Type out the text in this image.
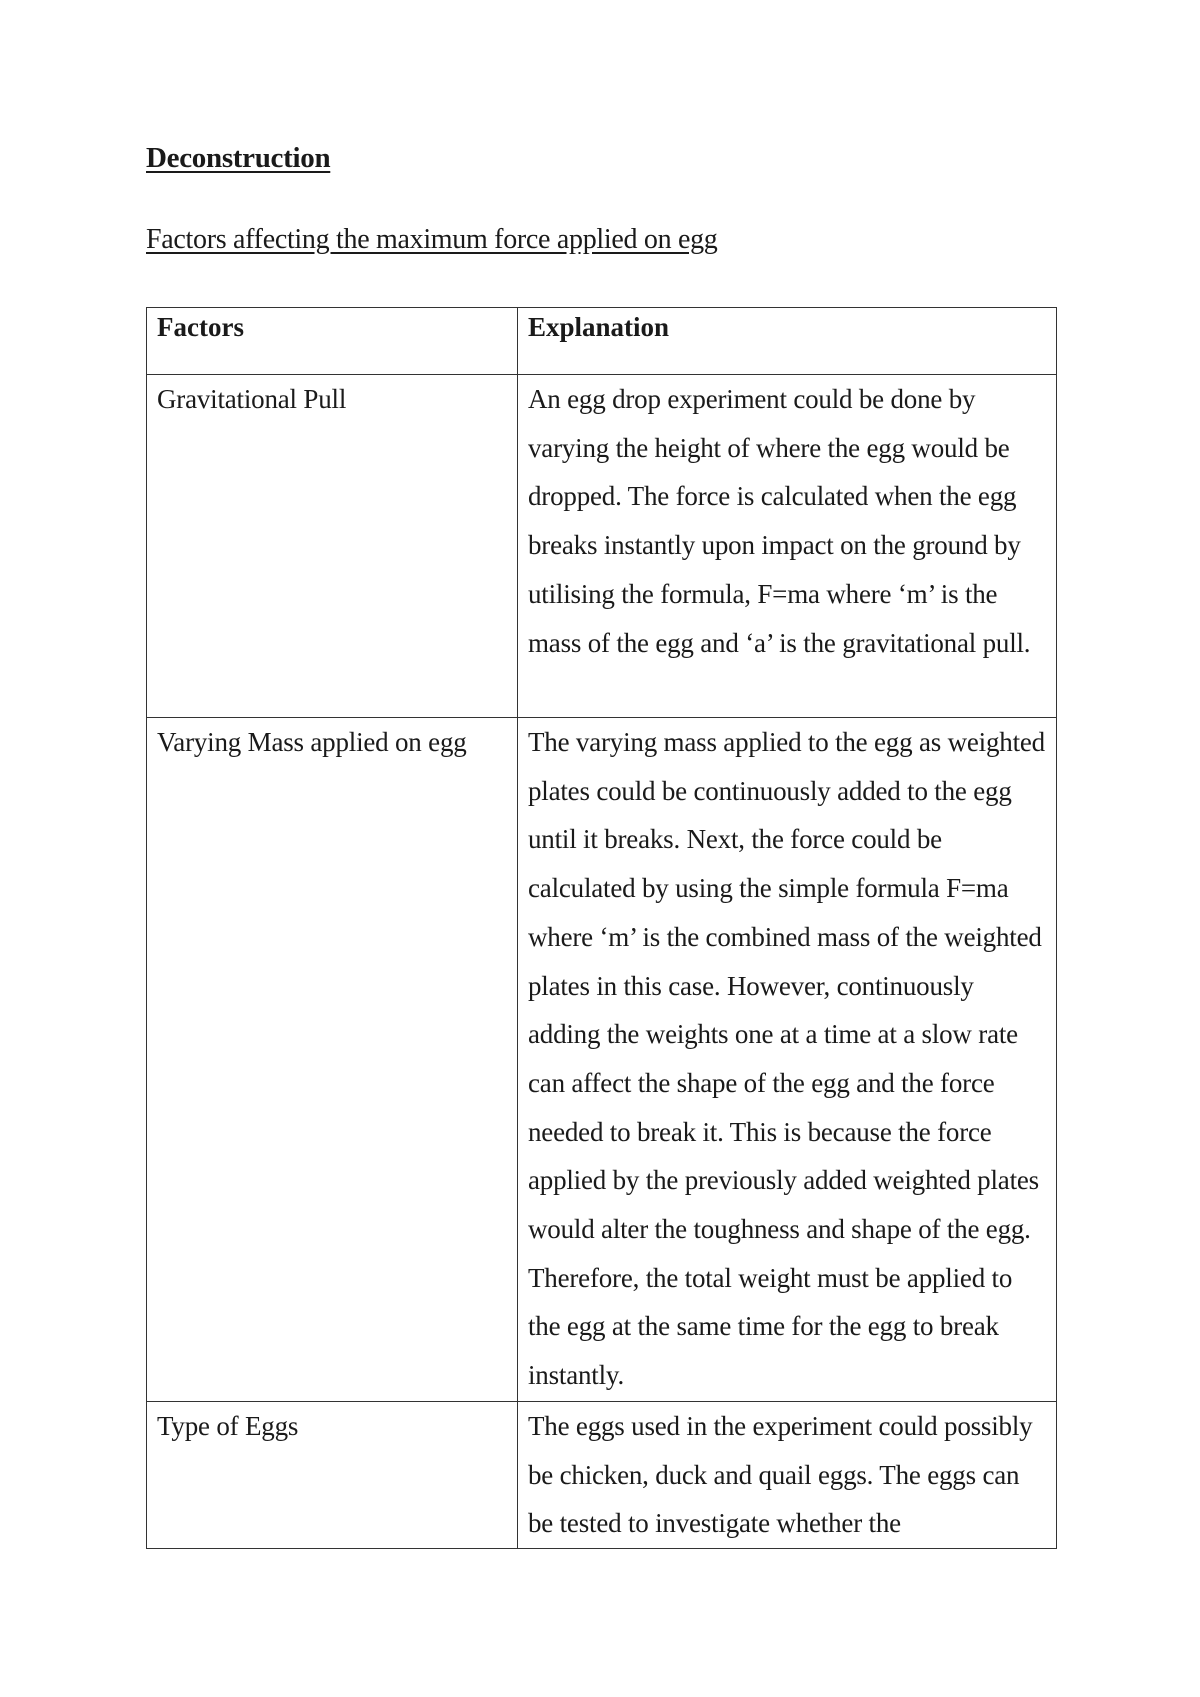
Deconstruction
Factors affecting the maximum force applied on egg
Factors	Explanation

Gravitational Pull	An egg drop experiment could be done by varying the height of where the egg would be dropped. The force is calculated when the egg breaks instantly upon impact on the ground by utilising the formula, F=ma where ‘m’ is the mass of the egg and ‘a’ is the gravitational pull.
Varying Mass applied on egg	The varying mass applied to the egg as weighted plates could be continuously added to the egg until it breaks. Next, the force could be calculated by using the simple formula F=ma where ‘m’ is the combined mass of the weighted plates in this case. However, continuously adding the weights one at a time at a slow rate can affect the shape of the egg and the force needed to break it. This is because the force applied by the previously added weighted plates would alter the toughness and shape of the egg. Therefore, the total weight must be applied to the egg at the same time for the egg to break instantly.
Type of Eggs	The eggs used in the experiment could possibly be chicken, duck and quail eggs. The eggs can be tested to investigate whether the
